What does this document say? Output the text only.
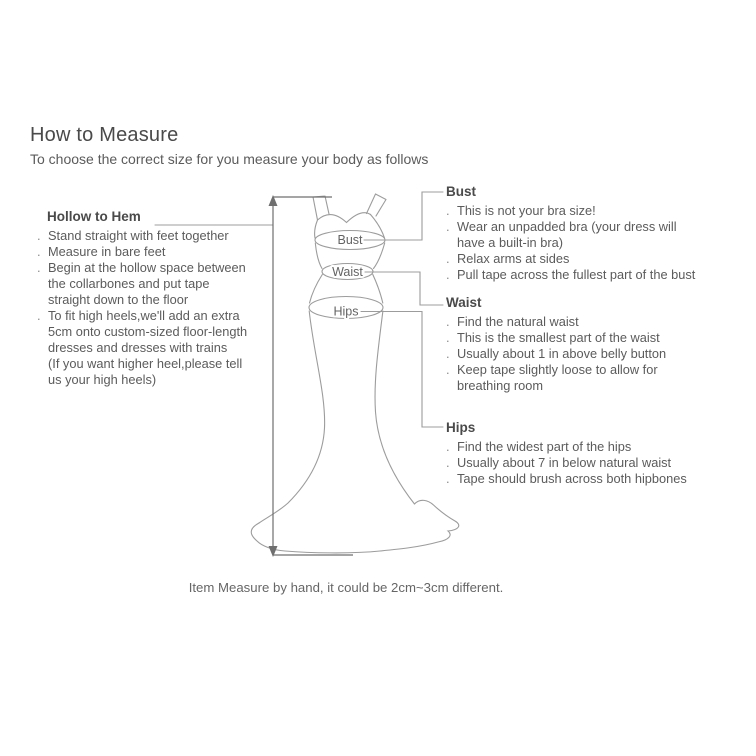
How to Measure

To choose the correct size for you measure your body as follows

Bust
Waist
Hips
Hollow to Hem
. Stand straight with feet together
. Measure in bare feet
. Begin at the hollow space between
the collarbones and put tape
straight down to the floor
. To fit high heels,we'll add an extra
5cm onto custom-sized floor-length
dresses and dresses with trains
(If you want higher heel,please tell
us your high heels)
Bust
. This is not your bra size!
. Wear an unpadded bra (your dress will
have a built-in bra)
. Relax arms at sides
. Pull tape across the fullest part of the bust
Waist
. Find the natural waist
. This is the smallest part of the waist
. Usually about 1 in above belly button
. Keep tape slightly loose to allow for
breathing room
Hips
. Find the widest part of the hips
. Usually about 7 in below natural waist
. Tape should brush across both hipbones

Item Measure by hand, it could be 2cm~3cm different.
